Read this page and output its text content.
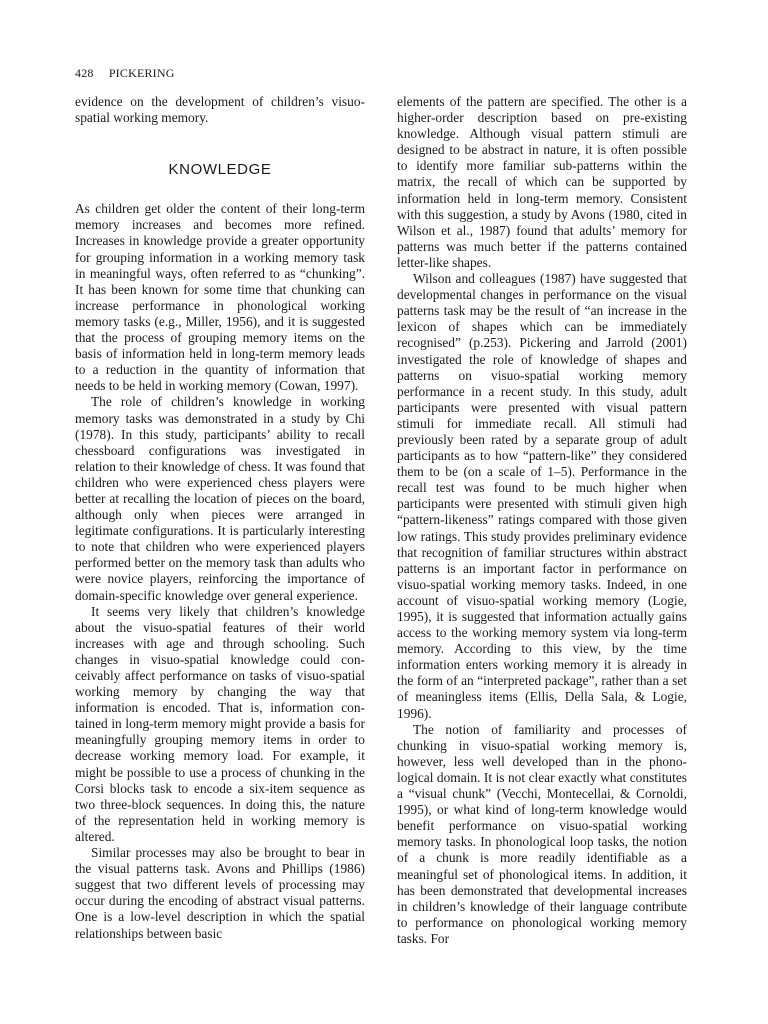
428 PICKERING

evidence on the development of children’s visuo-spatial working memory.

KNOWLEDGE

As children get older the content of their long-term memory increases and becomes more refined. Increases in knowledge provide a greater opportunity for grouping information in a working memory task in meaningful ways, often referred to as “chunking”. It has been known for some time that chunking can increase performance in phonological working memory tasks (e.g., Miller, 1956), and it is suggested that the process of grouping memory items on the basis of information held in long-term memory leads to a reduction in the quantity of information that needs to be held in working memory (Cowan, 1997).

The role of children’s knowledge in working memory tasks was demonstrated in a study by Chi (1978). In this study, participants’ ability to recall chessboard configurations was investigated in relation to their knowledge of chess. It was found that children who were experienced chess players were better at recalling the location of pieces on the board, although only when pieces were arranged in legitimate configurations. It is particularly interesting to note that children who were experienced players performed better on the memory task than adults who were novice players, reinforcing the importance of domain-specific knowledge over general experience.

It seems very likely that children’s knowledge about the visuo-spatial features of their world increases with age and through schooling. Such changes in visuo-spatial knowledge could conceivably affect performance on tasks of visuo-spatial working memory by changing the way that information is encoded. That is, information contained in long-term memory might provide a basis for meaningfully grouping memory items in order to decrease working memory load. For example, it might be possible to use a process of chunking in the Corsi blocks task to encode a six-item sequence as two three-block sequences. In doing this, the nature of the representation held in working memory is altered.

Similar processes may also be brought to bear in the visual patterns task. Avons and Phillips (1986) suggest that two different levels of processing may occur during the encoding of abstract visual patterns. One is a low-level description in which the spatial relationships between basic

elements of the pattern are specified. The other is a higher-order description based on pre-existing knowledge. Although visual pattern stimuli are designed to be abstract in nature, it is often possible to identify more familiar sub-patterns within the matrix, the recall of which can be supported by information held in long-term memory. Consistent with this suggestion, a study by Avons (1980, cited in Wilson et al., 1987) found that adults’ memory for patterns was much better if the patterns contained letter-like shapes.

Wilson and colleagues (1987) have suggested that developmental changes in performance on the visual patterns task may be the result of “an increase in the lexicon of shapes which can be immediately recognised” (p.253). Pickering and Jarrold (2001) investigated the role of knowledge of shapes and patterns on visuo-spatial working memory performance in a recent study. In this study, adult participants were presented with visual pattern stimuli for immediate recall. All stimuli had previously been rated by a separate group of adult participants as to how “pattern-like” they considered them to be (on a scale of 1–5). Performance in the recall test was found to be much higher when participants were presented with stimuli given high “pattern-likeness” ratings compared with those given low ratings. This study provides preliminary evidence that recognition of familiar structures within abstract patterns is an important factor in performance on visuo-spatial working memory tasks. Indeed, in one account of visuo-spatial working memory (Logie, 1995), it is suggested that information actually gains access to the working memory system via long-term memory. According to this view, by the time information enters working memory it is already in the form of an “interpreted package”, rather than a set of meaningless items (Ellis, Della Sala, & Logie, 1996).

The notion of familiarity and processes of chunking in visuo-spatial working memory is, however, less well developed than in the phonological domain. It is not clear exactly what constitutes a “visual chunk” (Vecchi, Montecellai, & Cornoldi, 1995), or what kind of long-term knowledge would benefit performance on visuo-spatial working memory tasks. In phonological loop tasks, the notion of a chunk is more readily identifiable as a meaningful set of phonological items. In addition, it has been demonstrated that developmental increases in children’s knowledge of their language contribute to performance on phonological working memory tasks. For
